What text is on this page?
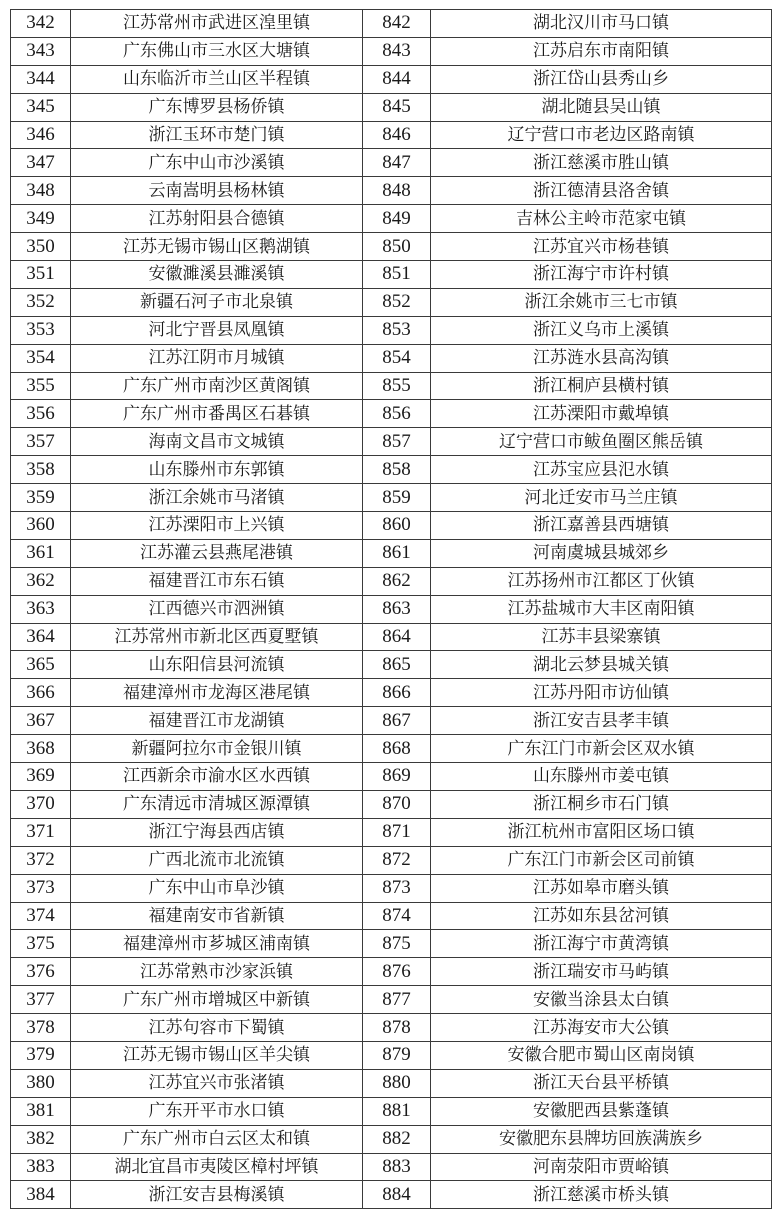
342	江苏常州市武进区湟里镇	842	湖北汉川市马口镇
343	广东佛山市三水区大塘镇	843	江苏启东市南阳镇
344	山东临沂市兰山区半程镇	844	浙江岱山县秀山乡
345	广东博罗县杨侨镇	845	湖北随县吴山镇
346	浙江玉环市楚门镇	846	辽宁营口市老边区路南镇
347	广东中山市沙溪镇	847	浙江慈溪市胜山镇
348	云南嵩明县杨林镇	848	浙江德清县洛舍镇
349	江苏射阳县合德镇	849	吉林公主岭市范家屯镇
350	江苏无锡市锡山区鹅湖镇	850	江苏宜兴市杨巷镇
351	安徽濉溪县濉溪镇	851	浙江海宁市许村镇
352	新疆石河子市北泉镇	852	浙江余姚市三七市镇
353	河北宁晋县凤凰镇	853	浙江义乌市上溪镇
354	江苏江阴市月城镇	854	江苏涟水县高沟镇
355	广东广州市南沙区黄阁镇	855	浙江桐庐县横村镇
356	广东广州市番禺区石碁镇	856	江苏溧阳市戴埠镇
357	海南文昌市文城镇	857	辽宁营口市鲅鱼圈区熊岳镇
358	山东滕州市东郭镇	858	江苏宝应县氾水镇
359	浙江余姚市马渚镇	859	河北迁安市马兰庄镇
360	江苏溧阳市上兴镇	860	浙江嘉善县西塘镇
361	江苏灌云县燕尾港镇	861	河南虞城县城郊乡
362	福建晋江市东石镇	862	江苏扬州市江都区丁伙镇
363	江西德兴市泗洲镇	863	江苏盐城市大丰区南阳镇
364	江苏常州市新北区西夏墅镇	864	江苏丰县梁寨镇
365	山东阳信县河流镇	865	湖北云梦县城关镇
366	福建漳州市龙海区港尾镇	866	江苏丹阳市访仙镇
367	福建晋江市龙湖镇	867	浙江安吉县孝丰镇
368	新疆阿拉尔市金银川镇	868	广东江门市新会区双水镇
369	江西新余市渝水区水西镇	869	山东滕州市姜屯镇
370	广东清远市清城区源潭镇	870	浙江桐乡市石门镇
371	浙江宁海县西店镇	871	浙江杭州市富阳区场口镇
372	广西北流市北流镇	872	广东江门市新会区司前镇
373	广东中山市阜沙镇	873	江苏如皋市磨头镇
374	福建南安市省新镇	874	江苏如东县岔河镇
375	福建漳州市芗城区浦南镇	875	浙江海宁市黄湾镇
376	江苏常熟市沙家浜镇	876	浙江瑞安市马屿镇
377	广东广州市增城区中新镇	877	安徽当涂县太白镇
378	江苏句容市下蜀镇	878	江苏海安市大公镇
379	江苏无锡市锡山区羊尖镇	879	安徽合肥市蜀山区南岗镇
380	江苏宜兴市张渚镇	880	浙江天台县平桥镇
381	广东开平市水口镇	881	安徽肥西县紫蓬镇
382	广东广州市白云区太和镇	882	安徽肥东县牌坊回族满族乡
383	湖北宜昌市夷陵区樟村坪镇	883	河南荥阳市贾峪镇
384	浙江安吉县梅溪镇	884	浙江慈溪市桥头镇
